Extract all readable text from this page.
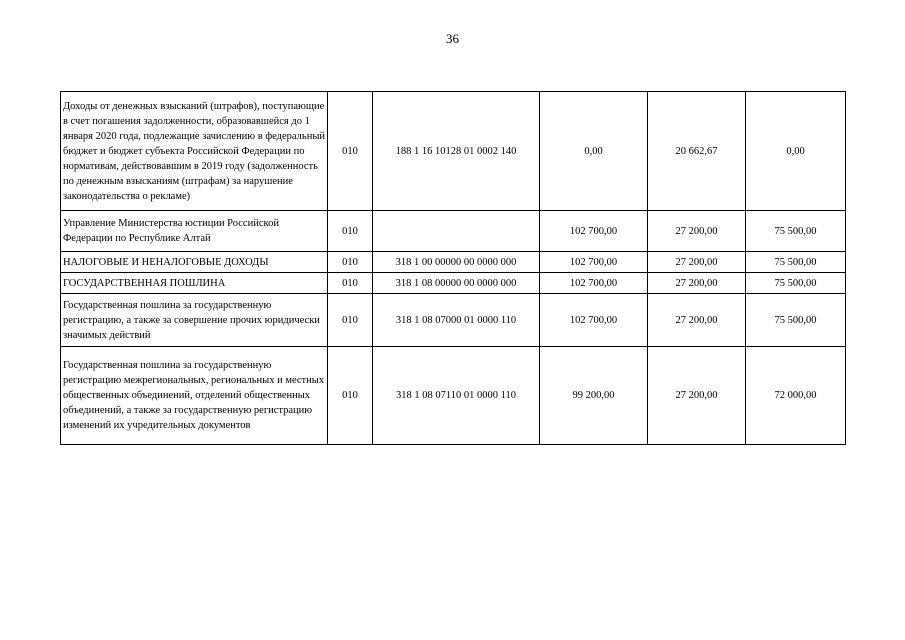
36
Доходы от денежных взысканий (штрафов), поступающие в счет погашения задолженности, образовавшейся до 1 января 2020 года, подлежащие зачислению в федеральный бюджет и бюджет субъекта Российской Федерации по нормативам, действовавшим в 2019 году (задолженность по денежным взысканиям (штрафам) за нарушение законодательства о рекламе)	010	188 1 16 10128 01 0002 140	0,00	20 662,67	0,00
Управление Министерства юстиции Российской Федерации по Республике Алтай	010		102 700,00	27 200,00	75 500,00
НАЛОГОВЫЕ И НЕНАЛОГОВЫЕ ДОХОДЫ	010	318 1 00 00000 00 0000 000	102 700,00	27 200,00	75 500,00
ГОСУДАРСТВЕННАЯ ПОШЛИНА	010	318 1 08 00000 00 0000 000	102 700,00	27 200,00	75 500,00
Государственная пошлина за государственную регистрацию, а также за совершение прочих юридически значимых действий	010	318 1 08 07000 01 0000 110	102 700,00	27 200,00	75 500,00
Государственная пошлина за государственную регистрацию межрегиональных, региональных и местных общественных объединений, отделений общественных объединений, а также за государственную регистрацию изменений их учредительных документов	010	318 1 08 07110 01 0000 110	99 200,00	27 200,00	72 000,00
